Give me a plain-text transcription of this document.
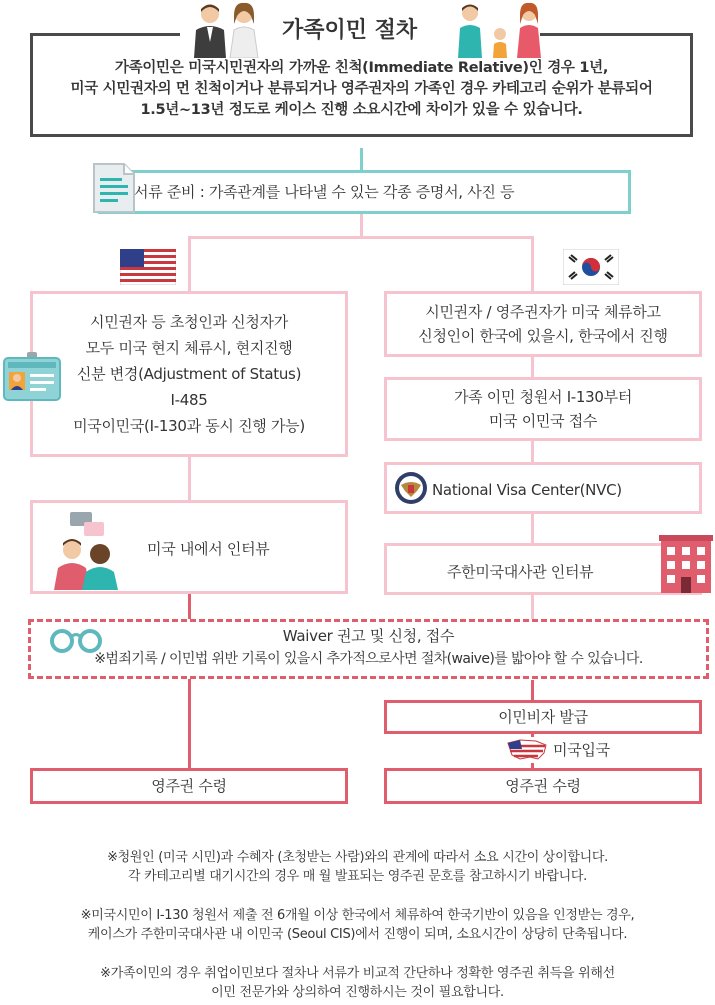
가족이민 절차
가족이민은 미국시민권자의 가까운 친척(Immediate Relative)인 경우 1년,
미국 시민권자의 먼 친척이거나 분류되거나 영주권자의 가족인 경우 카테고리 순위가 분류되어
1.5년~13년 정도로 케이스 진행 소요시간에 차이가 있을 수 있습니다.
서류 준비 : 가족관계를 나타낼 수 있는 각종 증명서, 사진 등
시민권자 등 초청인과 신청자가
모두 미국 현지 체류시, 현지진행
신분 변경(Adjustment of Status)
I-485
미국이민국(I-130과 동시 진행 가능)
미국 내에서 인터뷰
시민권자 / 영주권자가 미국 체류하고
신청인이 한국에 있을시, 한국에서 진행
가족 이민 청원서 I-130부터
미국 이민국 접수
National Visa Center(NVC)
주한미국대사관 인터뷰
Waiver 권고 및 신청, 접수
※범죄기록 / 이민법 위반 기록이 있을시 추가적으로사면 절차(waive)를 밟아야 할 수 있습니다.
이민비자 발급
미국입국
영주권 수령	영주권 수령
※청원인 (미국 시민)과 수혜자 (초청받는 사람)와의 관계에 따라서 소요 시간이 상이합니다.
각 카테고리별 대기시간의 경우 매 월 발표되는 영주권 문호를 참고하시기 바랍니다.
※미국시민이 I-130 청원서 제출 전 6개월 이상 한국에서 체류하여 한국기반이 있음을 인정받는 경우,
케이스가 주한미국대사관 내 이민국 (Seoul CIS)에서 진행이 되며, 소요시간이 상당히 단축됩니다.
※가족이민의 경우 취업이민보다 절차나 서류가 비교적 간단하나 정확한 영주권 취득을 위해선
이민 전문가와 상의하여 진행하시는 것이 필요합니다.
